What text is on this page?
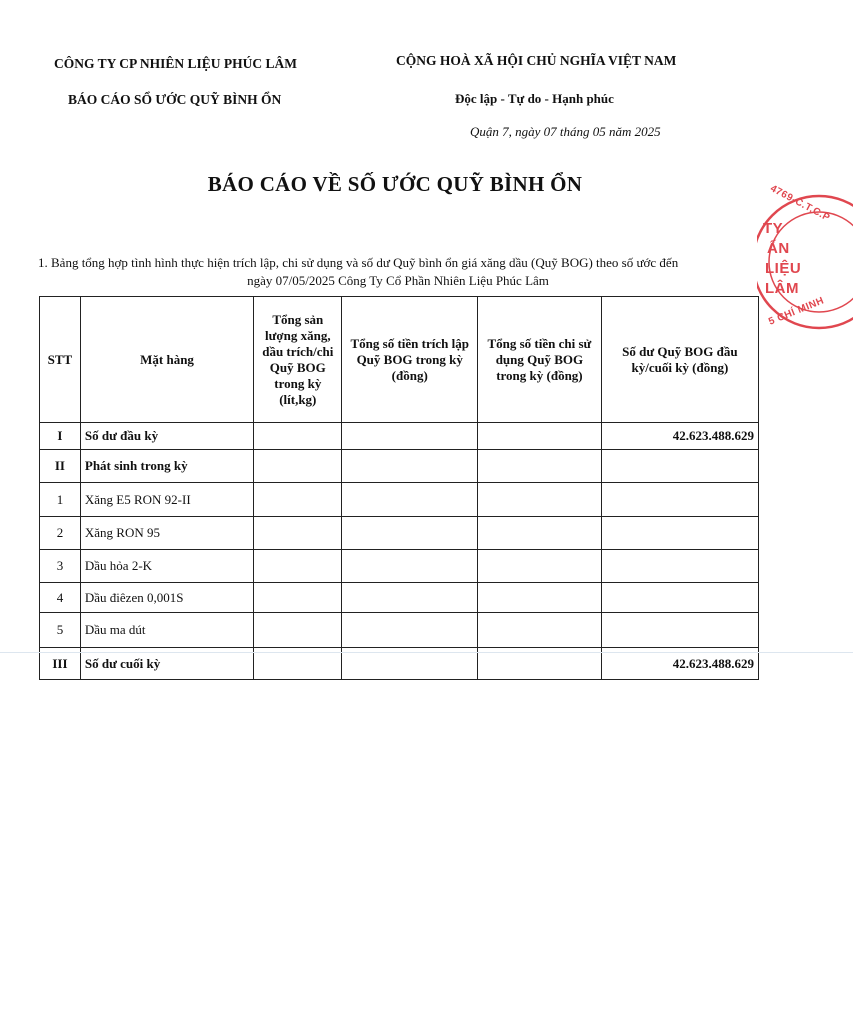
CÔNG TY CP NHIÊN LIỆU PHÚC LÂM
BÁO CÁO SỔ ƯỚC QUỸ BÌNH ỔN
CỘNG HOÀ XÃ HỘI CHỦ NGHĨA VIỆT NAM
Độc lập - Tự do - Hạnh phúc
Quận 7, ngày 07 tháng 05 năm 2025
BÁO CÁO VỀ SỐ ƯỚC QUỸ BÌNH ỔN
1. Bảng tổng hợp tình hình thực hiện trích lập, chi sử dụng và số dư Quỹ bình ổn giá xăng dầu (Quỹ BOG) theo số ước đến
ngày 07/05/2025 Công Ty Cổ Phần Nhiên Liệu Phúc Lâm
STT	Mặt hàng	Tổng sản lượng xăng, dầu trích/chi Quỹ BOG trong kỳ (lít,kg)	Tổng số tiền trích lập Quỹ BOG trong kỳ (đồng)	Tổng số tiền chi sử dụng Quỹ BOG trong kỳ (đồng)	Số dư Quỹ BOG đầu kỳ/cuối kỳ (đồng)
I	Số dư đầu kỳ				42.623.488.629
II	Phát sinh trong kỳ				
1	Xăng E5 RON 92-II				
2	Xăng RON 95				
3	Dầu hỏa 2-K				
4	Dầu điêzen 0,001S				
5	Dầu ma dút				
III	Số dư cuối kỳ				42.623.488.629
4769-C.T.C.P
TY
ẤN
LIỆU
LÂM
5 CHÍ MINH
